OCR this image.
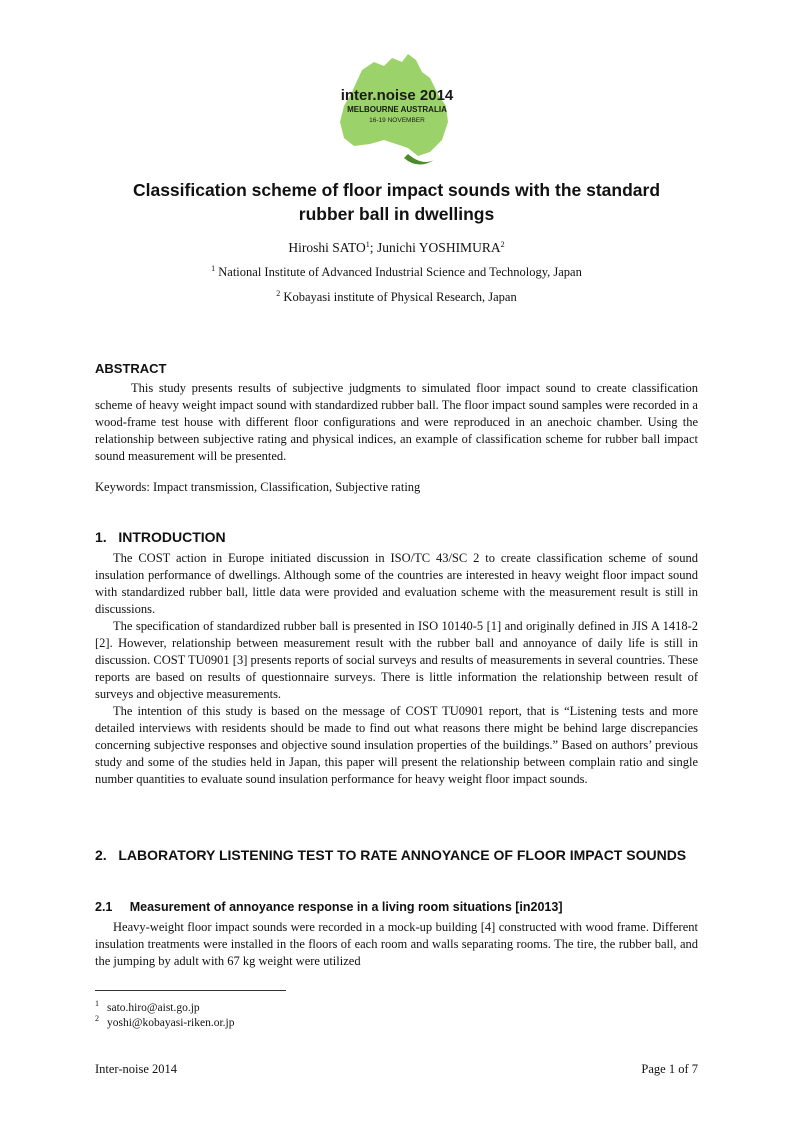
inter.noise 2014
MELBOURNE AUSTRALIA
16-19 NOVEMBER
Classification scheme of floor impact sounds with the standard
rubber ball in dwellings
Hiroshi SATO$^1$; Junichi YOSHIMURA$^2$
$^1$ National Institute of Advanced Industrial Science and Technology, Japan
$^2$ Kobayasi institute of Physical Research, Japan
ABSTRACT

This study presents results of subjective judgments to simulated floor impact sound to create classification scheme of heavy weight impact sound with standardized rubber ball. The floor impact sound samples were recorded in a wood-frame test house with different floor configurations and were reproduced in an anechoic chamber. Using the relationship between subjective rating and physical indices, an example of classification scheme for rubber ball impact sound measurement will be presented.

Keywords: Impact transmission, Classification, Subjective rating

1.   INTRODUCTION

The COST action in Europe initiated discussion in ISO/TC 43/SC 2 to create classification scheme of sound insulation performance of dwellings. Although some of the countries are interested in heavy weight floor impact sound with standardized rubber ball, little data were provided and evaluation scheme with the measurement result is still in discussions.

The specification of standardized rubber ball is presented in ISO 10140-5 [1] and originally defined in JIS A 1418-2 [2]. However, relationship between measurement result with the rubber ball and annoyance of daily life is still in discussion. COST TU0901 [3] presents reports of social surveys and results of measurements in several countries. These reports are based on results of questionnaire surveys. There is little information the relationship between result of surveys and objective measurements.

The intention of this study is based on the message of COST TU0901 report, that is “Listening tests and more detailed interviews with residents should be made to find out what reasons there might be behind large discrepancies concerning subjective responses and objective sound insulation properties of the buildings.” Based on authors’ previous study and some of the studies held in Japan, this paper will present the relationship between complain ratio and single number quantities to evaluate sound insulation performance for heavy weight floor impact sounds.

2.   LABORATORY LISTENING TEST TO RATE ANNOYANCE OF FLOOR IMPACT SOUNDS
2.1     Measurement of annoyance response in a living room situations [in2013]

Heavy-weight floor impact sounds were recorded in a mock-up building [4] constructed with wood frame. Different insulation treatments were installed in the floors of each room and walls separating rooms. The tire, the rubber ball, and the jumping by adult with 67 kg weight were utilized

$^1$ sato.hiro@aist.go.jp
$^2$ yoshi@kobayasi-riken.or.jp
Inter-noise 2014	Page 1 of 7
